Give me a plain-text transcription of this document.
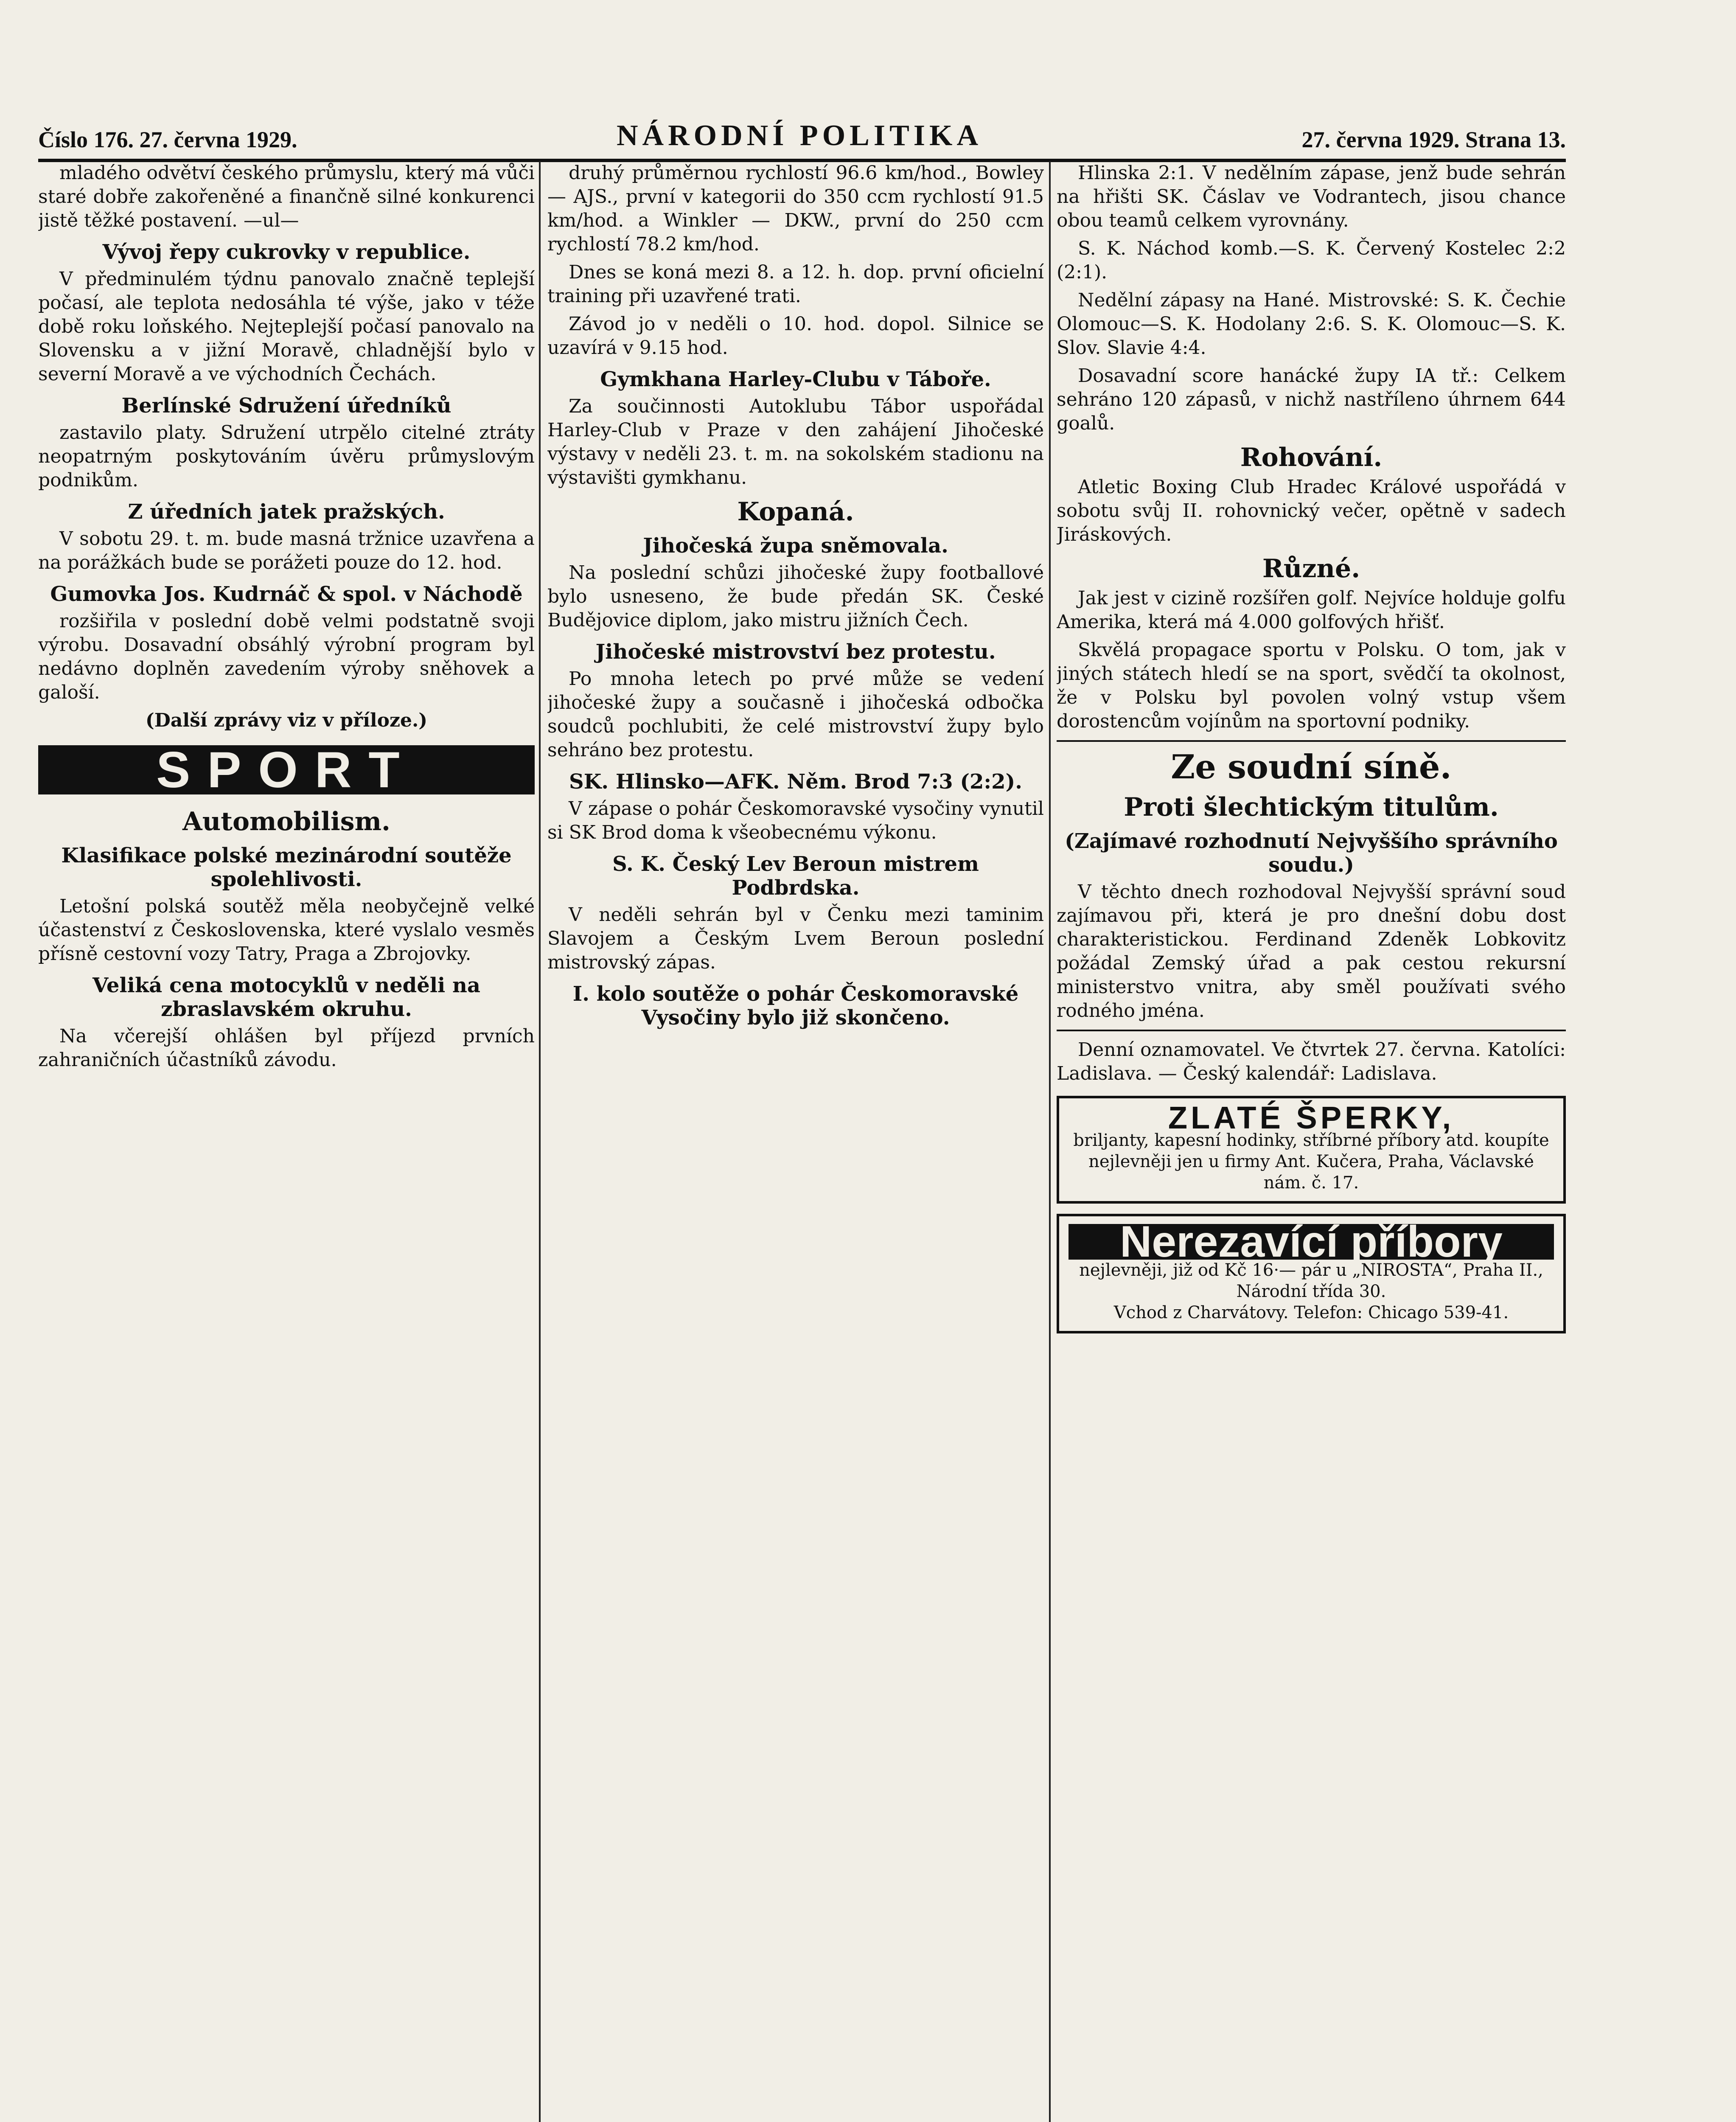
Číslo 176. 27. června 1929.	NÁRODNÍ POLITIKA	27. června 1929. Strana 13.

mladého odvětví českého průmyslu, který má vůči staré dobře zakořeněné a finančně silné konkurenci jistě těžké postavení. —ul—

Vývoj řepy cukrovky v republice.

V předminulém týdnu panovalo značně teplejší počasí, ale teplota nedosáhla té výše, jako v téže době roku loňského. Nejteplejší počasí panovalo na Slovensku a v jižní Moravě, chladnější bylo v severní Moravě a ve východních Čechách.

Berlínské Sdružení úředníků

zastavilo platy. Sdružení utrpělo citelné ztráty neopatrným poskytováním úvěru průmyslovým podnikům.

Z úředních jatek pražských.

V sobotu 29. t. m. bude masná tržnice uzavřena a na porážkách bude se porážeti pouze do 12. hod.

Gumovka Jos. Kudrnáč & spol. v Náchodě

rozšiřila v poslední době velmi podstatně svoji výrobu. Dosavadní obsáhlý výrobní program byl nedávno doplněn zavedením výroby sněhovek a galoší.

(Další zprávy viz v příloze.)

SPORT

Automobilism.

Klasifikace polské mezinárodní soutěže spolehlivosti.

Letošní polská soutěž měla neobyčejně velké účastenství z Československa, které vyslalo vesměs přísně cestovní vozy Tatry, Praga a Zbrojovky.

Veliká cena motocyklů v neděli na zbraslavském okruhu.

Na včerejší ohlášen byl příjezd prvních zahraničních účastníků závodu.

druhý průměrnou rychlostí 96.6 km/hod., Bowley — AJS., první v kategorii do 350 ccm rychlostí 91.5 km/hod. a Winkler — DKW., první do 250 ccm rychlostí 78.2 km/hod.

Dnes se koná mezi 8. a 12. h. dop. první oficielní training při uzavřené trati.

Závod jo v neděli o 10. hod. dopol. Silnice se uzavírá v 9.15 hod.

Gymkhana Harley-Clubu v Táboře.

Za součinnosti Autoklubu Tábor uspořádal Harley-Club v Praze v den zahájení Jihočeské výstavy v neděli 23. t. m. na sokolském stadionu na výstavišti gymkhanu.

Kopaná.

Jihočeská župa sněmovala.

Na poslední schůzi jihočeské župy footballové bylo usneseno, že bude předán SK. České Budějovice diplom, jako mistru jižních Čech.

Jihočeské mistrovství bez protestu.

Po mnoha letech po prvé může se vedení jihočeské župy a současně i jihočeská odbočka soudců pochlubiti, že celé mistrovství župy bylo sehráno bez protestu.

SK. Hlinsko—AFK. Něm. Brod 7:3 (2:2).

V zápase o pohár Českomoravské vysočiny vynutil si SK Brod doma k všeobecnému výkonu.

S. K. Český Lev Beroun mistrem Podbrdska.

V neděli sehrán byl v Čenku mezi taminim Slavojem a Českým Lvem Beroun poslední mistrovský zápas.

I. kolo soutěže o pohár Českomoravské Vysočiny bylo již skončeno.

Hlinska 2:1. V nedělním zápase, jenž bude sehrán na hřišti SK. Čáslav ve Vodrantech, jisou chance obou teamů celkem vyrovnány.

S. K. Náchod komb.—S. K. Červený Kostelec 2:2 (2:1).

Nedělní zápasy na Hané. Mistrovské: S. K. Čechie Olomouc—S. K. Hodolany 2:6. S. K. Olomouc—S. K. Slov. Slavie 4:4.

Dosavadní score hanácké župy IA tř.: Celkem sehráno 120 zápasů, v nichž nastříleno úhrnem 644 goalů.

Rohování.

Atletic Boxing Club Hradec Králové uspořádá v sobotu svůj II. rohovnický večer, opětně v sadech Jiráskových.

Různé.

Jak jest v cizině rozšířen golf. Nejvíce holduje golfu Amerika, která má 4.000 golfových hřišť.

Skvělá propagace sportu v Polsku. O tom, jak v jiných státech hledí se na sport, svědčí ta okolnost, že v Polsku byl povolen volný vstup všem dorostencům vojínům na sportovní podniky.

Ze soudní síně.

Proti šlechtickým titulům.

(Zajímavé rozhodnutí Nejvyššího správního soudu.)

V těchto dnech rozhodoval Nejvyšší správní soud zajímavou při, která je pro dnešní dobu dost charakteristickou. Ferdinand Zdeněk Lobkovitz požádal Zemský úřad a pak cestou rekursní ministerstvo vnitra, aby směl používati svého rodného jména.

Denní oznamovatel. Ve čtvrtek 27. června. Katolíci: Ladislava. — Český kalendář: Ladislava.

ZLATÉ ŠPERKY,
briljanty, kapesní hodinky, stříbrné příbory atd. koupíte nejlevněji jen u firmy Ant. Kučera, Praha, Václavské nám. č. 17.
Nerezavící příbory
nejlevněji, již od Kč 16·— pár u „NIROSTA“, Praha II., Národní třída 30.
Vchod z Charvátovy. Telefon: Chicago 539-41.
